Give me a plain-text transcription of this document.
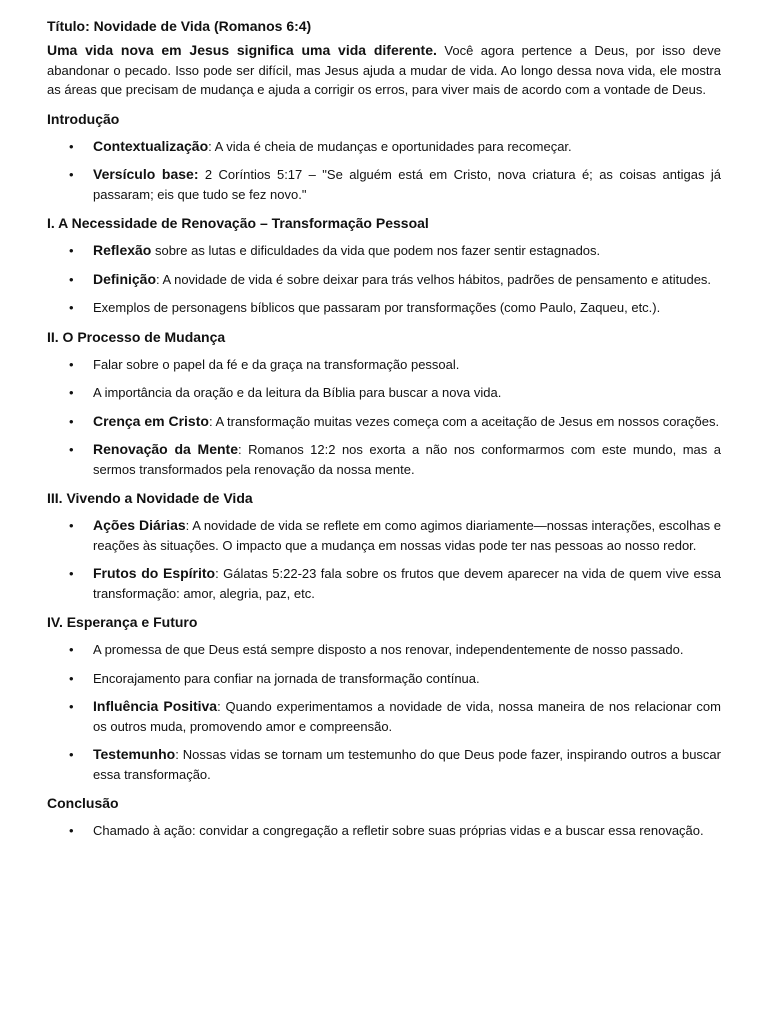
Título: Novidade de Vida (Romanos 6:4)

Uma vida nova em Jesus significa uma vida diferente. Você agora pertence a Deus, por isso deve abandonar o pecado. Isso pode ser difícil, mas Jesus ajuda a mudar de vida. Ao longo dessa nova vida, ele mostra as áreas que precisam de mudança e ajuda a corrigir os erros, para viver mais de acordo com a vontade de Deus.

Introdução
• Contextualização: A vida é cheia de mudanças e oportunidades para recomeçar.
• Versículo base: 2 Coríntios 5:17 – "Se alguém está em Cristo, nova criatura é; as coisas antigas já passaram; eis que tudo se fez novo."
I. A Necessidade de Renovação – Transformação Pessoal
• Reflexão sobre as lutas e dificuldades da vida que podem nos fazer sentir estagnados.
• Definição: A novidade de vida é sobre deixar para trás velhos hábitos, padrões de pensamento e atitudes.
• Exemplos de personagens bíblicos que passaram por transformações (como Paulo, Zaqueu, etc.).
II. O Processo de Mudança
• Falar sobre o papel da fé e da graça na transformação pessoal.
• A importância da oração e da leitura da Bíblia para buscar a nova vida.
• Crença em Cristo: A transformação muitas vezes começa com a aceitação de Jesus em nossos corações.
• Renovação da Mente: Romanos 12:2 nos exorta a não nos conformarmos com este mundo, mas a sermos transformados pela renovação da nossa mente.
III. Vivendo a Novidade de Vida
• Ações Diárias: A novidade de vida se reflete em como agimos diariamente—nossas interações, escolhas e reações às situações. O impacto que a mudança em nossas vidas pode ter nas pessoas ao nosso redor.
• Frutos do Espírito: Gálatas 5:22-23 fala sobre os frutos que devem aparecer na vida de quem vive essa transformação: amor, alegria, paz, etc.
IV. Esperança e Futuro
• A promessa de que Deus está sempre disposto a nos renovar, independentemente de nosso passado.
• Encorajamento para confiar na jornada de transformação contínua.
• Influência Positiva: Quando experimentamos a novidade de vida, nossa maneira de nos relacionar com os outros muda, promovendo amor e compreensão.
• Testemunho: Nossas vidas se tornam um testemunho do que Deus pode fazer, inspirando outros a buscar essa transformação.
Conclusão
• Chamado à ação: convidar a congregação a refletir sobre suas próprias vidas e a buscar essa renovação.
